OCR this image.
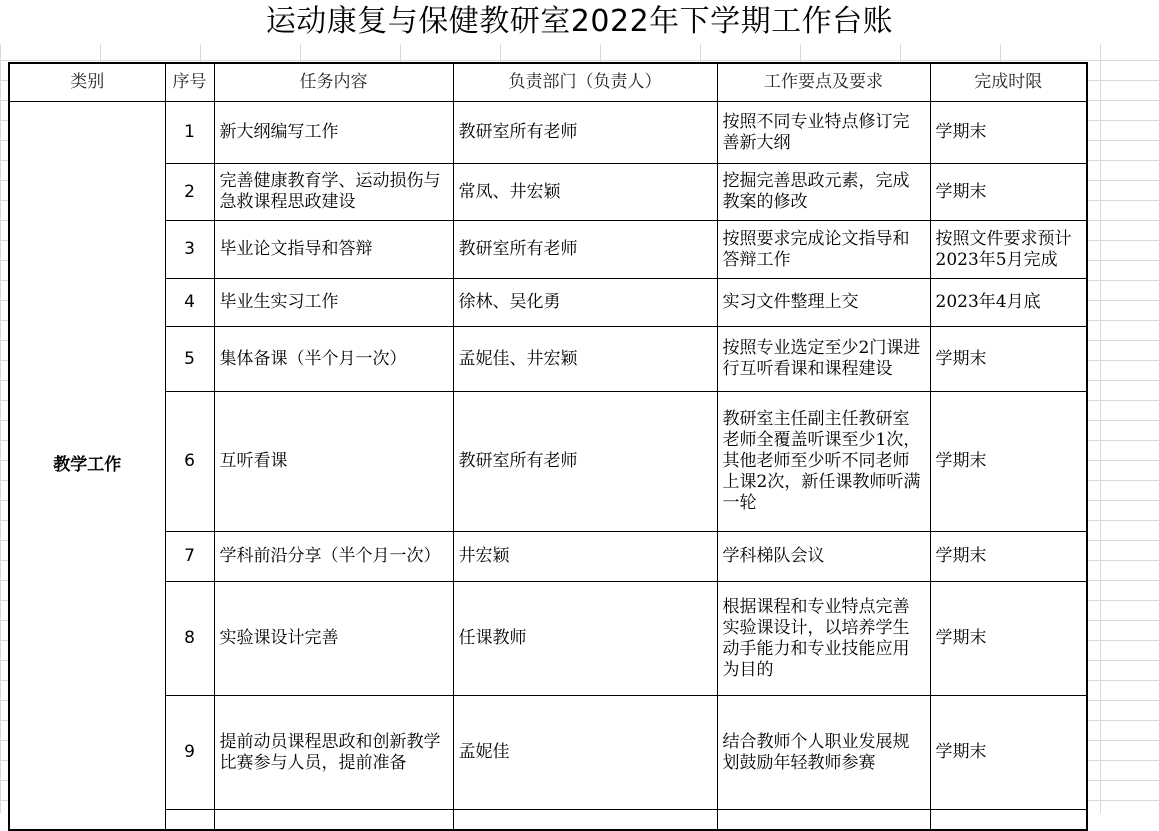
运动康复与保健教研室2022年下学期工作台账
类别	序号	任务内容	负责部门（负责人）	工作要点及要求	完成时限
教学工作	1	新大纲编写工作	教研室所有老师	按照不同专业特点修订完善新大纲	学期末
	2	完善健康教育学、运动损伤与急救课程思政建设	常凤、井宏颖	挖掘完善思政元素，完成教案的修改	学期末
	3	毕业论文指导和答辩	教研室所有老师	按照要求完成论文指导和答辩工作	按照文件要求预计2023年5月完成
	4	毕业生实习工作	徐林、吴化勇	实习文件整理上交	2023年4月底
	5	集体备课（半个月一次）	孟妮佳、井宏颖	按照专业选定至少2门课进行互听看课和课程建设	学期末
	6	互听看课	教研室所有老师	教研室主任副主任教研室老师全覆盖听课至少1次，其他老师至少听不同老师上课2次，新任课教师听满一轮	学期末
	7	学科前沿分享（半个月一次）	井宏颖	学科梯队会议	学期末
	8	实验课设计完善	任课教师	根据课程和专业特点完善实验课设计，以培养学生动手能力和专业技能应用为目的	学期末
	9	提前动员课程思政和创新教学比赛参与人员，提前准备	孟妮佳	结合教师个人职业发展规划鼓励年轻教师参赛	学期末
